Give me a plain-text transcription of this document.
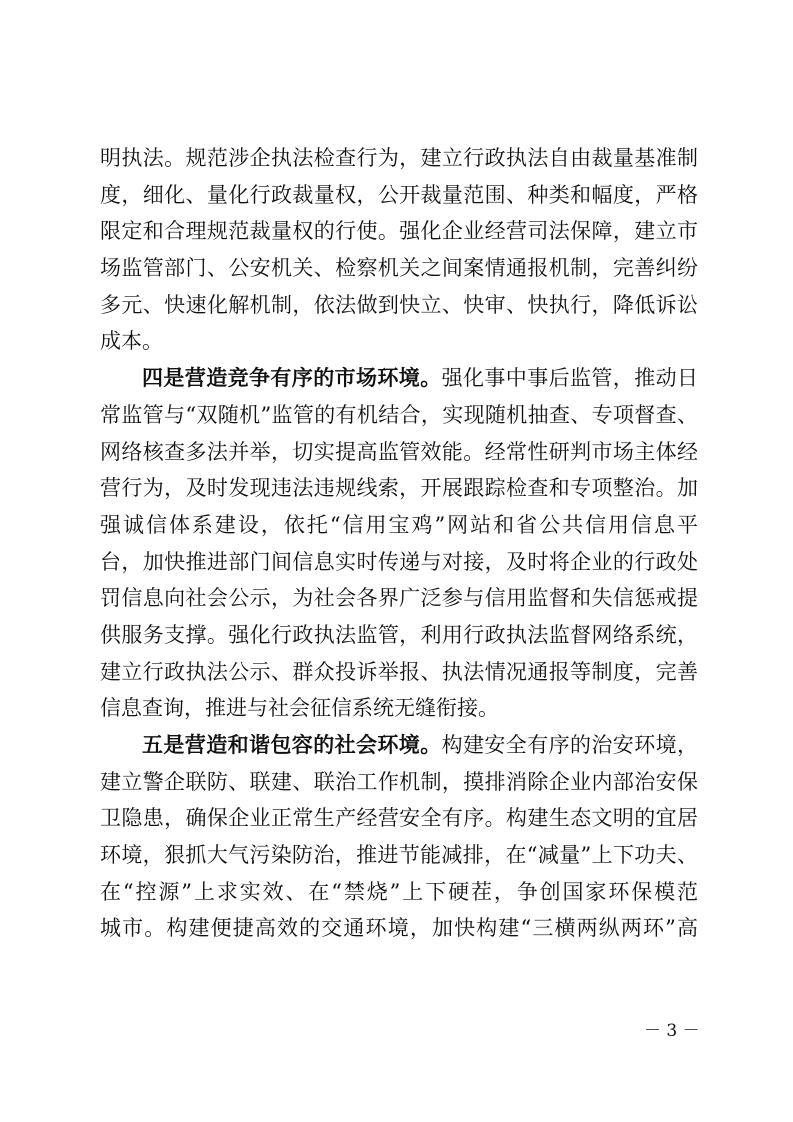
明执法。规范涉企执法检查行为，建立行政执法自由裁量基准制
度，细化、量化行政裁量权，公开裁量范围、种类和幅度，严格
限定和合理规范裁量权的行使。强化企业经营司法保障，建立市
场监管部门、公安机关、检察机关之间案情通报机制，完善纠纷
多元、快速化解机制，依法做到快立、快审、快执行，降低诉讼
成本。
四是营造竞争有序的市场环境。强化事中事后监管，推动日
常监管与“双随机”监管的有机结合，实现随机抽查、专项督查、
网络核查多法并举，切实提高监管效能。经常性研判市场主体经
营行为，及时发现违法违规线索，开展跟踪检查和专项整治。加
强诚信体系建设，依托“信用宝鸡”网站和省公共信用信息平
台，加快推进部门间信息实时传递与对接，及时将企业的行政处
罚信息向社会公示，为社会各界广泛参与信用监督和失信惩戒提
供服务支撑。强化行政执法监管，利用行政执法监督网络系统，
建立行政执法公示、群众投诉举报、执法情况通报等制度，完善
信息查询，推进与社会征信系统无缝衔接。
五是营造和谐包容的社会环境。构建安全有序的治安环境，
建立警企联防、联建、联治工作机制，摸排消除企业内部治安保
卫隐患，确保企业正常生产经营安全有序。构建生态文明的宜居
环境，狠抓大气污染防治，推进节能减排，在“减量”上下功夫、
在“控源”上求实效、在“禁烧”上下硬茬，争创国家环保模范
城市。构建便捷高效的交通环境，加快构建“三横两纵两环”高
－ 3 －
